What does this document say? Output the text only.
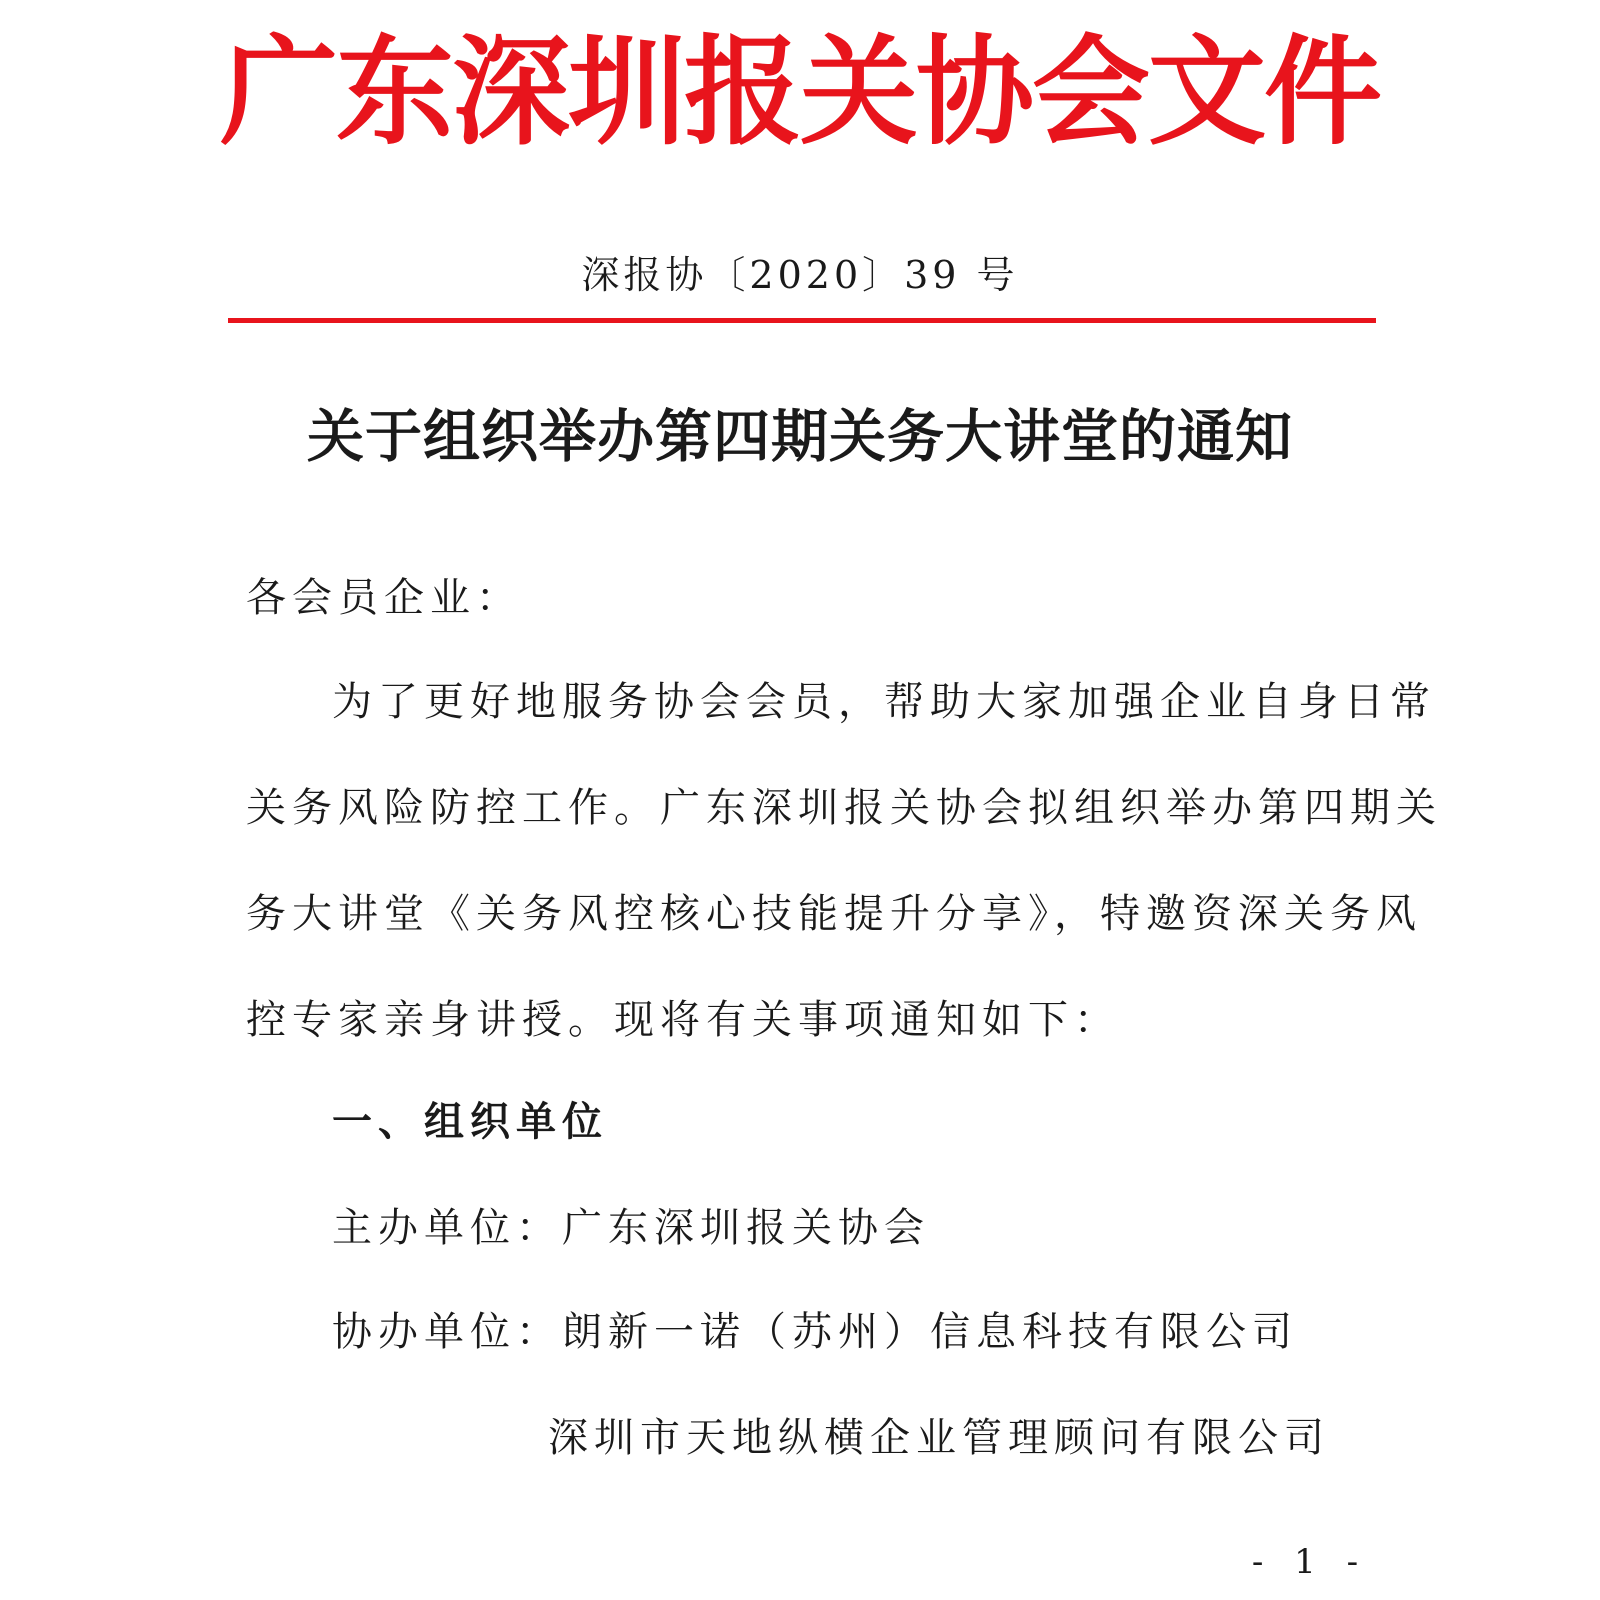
广东深圳报关协会文件
深报协〔2020〕39 号
关于组织举办第四期关务大讲堂的通知
各会员企业：
为了更好地服务协会会员，帮助大家加强企业自身日常
关务风险防控工作。广东深圳报关协会拟组织举办第四期关
务大讲堂《关务风控核心技能提升分享》，特邀资深关务风
控专家亲身讲授。现将有关事项通知如下：
一、组织单位
主办单位：广东深圳报关协会
协办单位：朗新一诺（苏州）信息科技有限公司
深圳市天地纵横企业管理顾问有限公司
- 1 -
